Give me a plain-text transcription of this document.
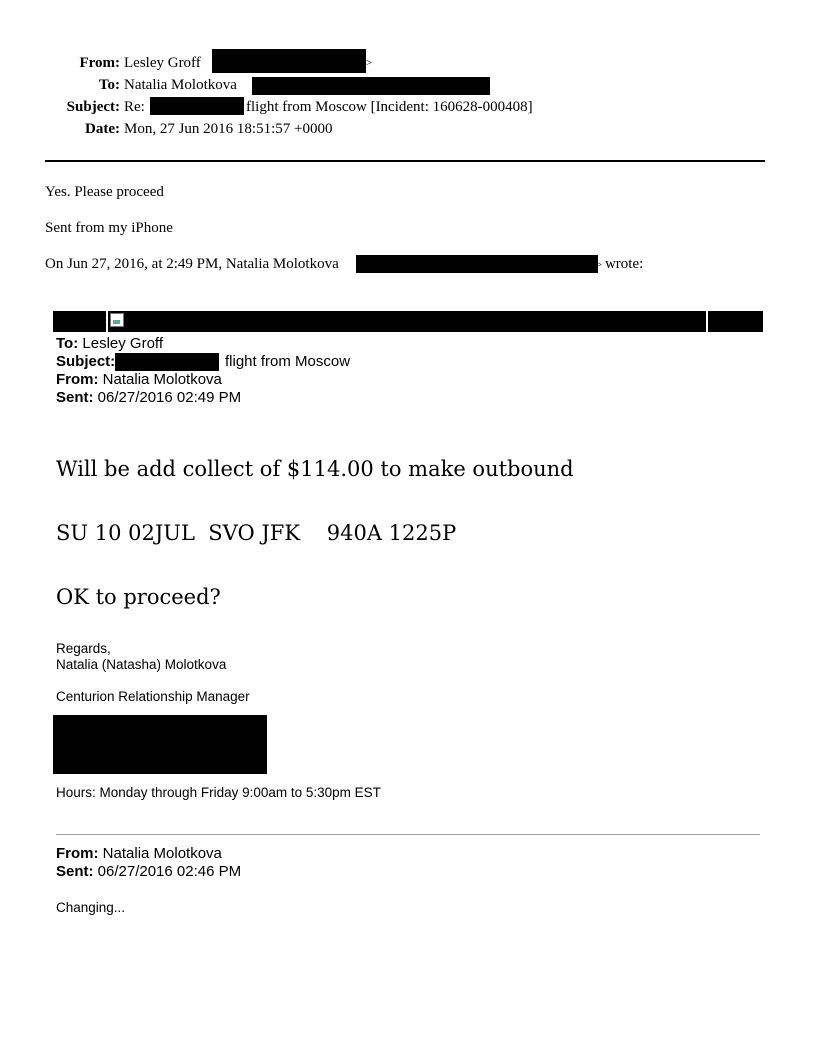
From: Lesley Groff	>
To: Natalia Molotkova
Subject: Re:	flight from Moscow [Incident: 160628-000408]
Date: Mon, 27 Jun 2016 18:51:57 +0000
Yes. Please proceed
Sent from my iPhone
On Jun 27, 2016, at 2:49 PM, Natalia Molotkova	> wrote:
To: Lesley Groff
Subject:	flight from Moscow
From: Natalia Molotkova
Sent: 06/27/2016 02:49 PM
Will be add collect of $114.00 to make outbound
SU 10 02JUL  SVO JFK    940A 1225P
OK to proceed?
Regards,
Natalia (Natasha) Molotkova
Centurion Relationship Manager
Hours: Monday through Friday 9:00am to 5:30pm EST
From: Natalia Molotkova
Sent: 06/27/2016 02:46 PM
Changing...
